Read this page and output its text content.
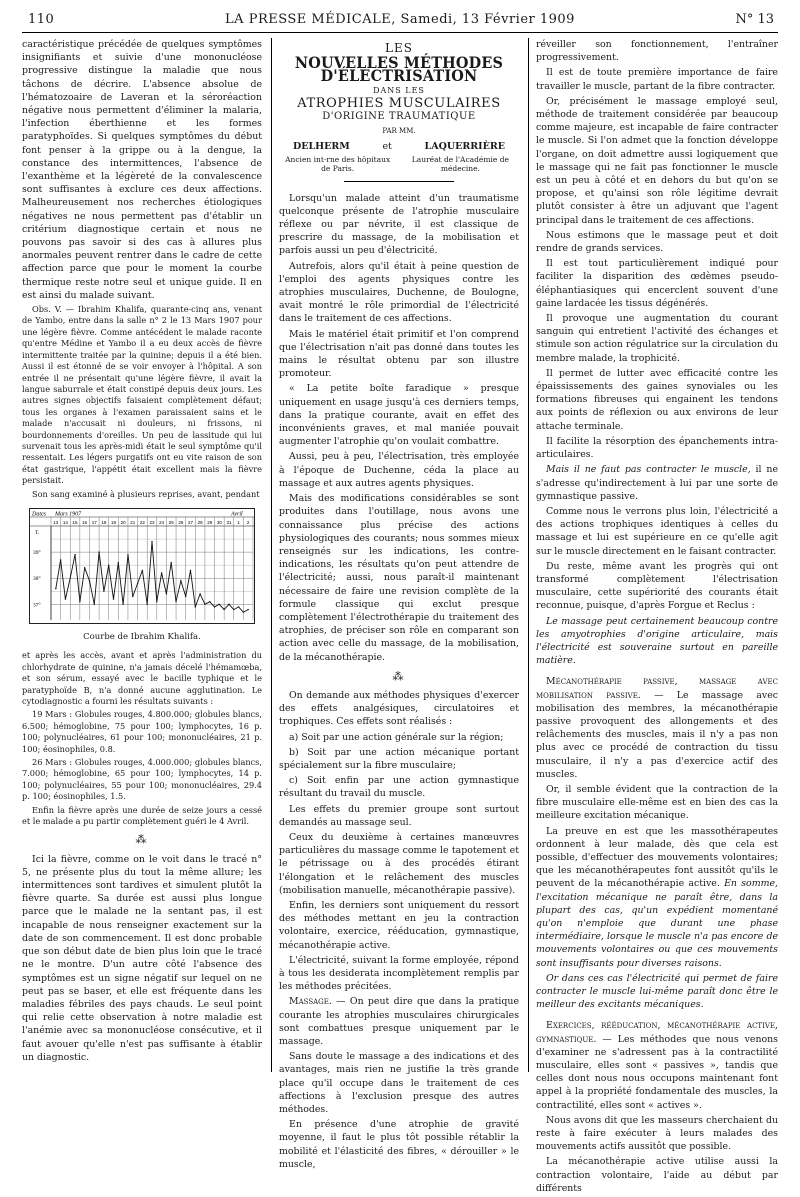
110	LA PRESSE MÉDICALE, Samedi, 13 Février 1909	N° 13

caractéristique précédée de quelques symptômes insignifiants et suivie d'une mononucléose progressive distingue la maladie que nous tâchons de décrire. L'absence absolue de l'hématozoaire de Laveran et la séroréaction négative nous permettent d'éliminer la malaria, l'infection éberthienne et les formes paratyphoïdes. Si quelques symptômes du début font penser à la grippe ou à la dengue, la constance des intermittences, l'absence de l'exanthème et la légèreté de la convalescence sont suffisantes à exclure ces deux affections. Malheureusement nos recherches étiologiques négatives ne nous permettent pas d'établir un critérium diagnostique certain et nous ne pouvons pas savoir si des cas à allures plus anormales peuvent rentrer dans le cadre de cette affection parce que pour le moment la courbe thermique reste notre seul et unique guide. Il en est ainsi du malade suivant.

Obs. V. — Ibrahim Khalifa, quarante-cinq ans, venant de Yambo, entre dans la salle n° 2 le 13 Mars 1907 pour une légère fièvre. Comme antécédent le malade raconte qu'entre Médine et Yambo il a eu deux accès de fièvre intermittente traitée par la quinine; depuis il a été bien. Aussi il est étonné de se voir envoyer à l'hôpital. A son entrée il ne présentait qu'une légère fièvre, il avait la langue saburrale et était constipé depuis deux jours. Les autres signes objectifs faisaient complètement défaut; tous les organes à l'examen paraissaient sains et le malade n'accusait ni douleurs, ni frissons, ni bourdonnements d'oreilles. Un peu de lassitude qui lui survenait tous les après-midi était le seul symptôme qu'il ressentait. Les légers purgatifs ont eu vite raison de son état gastrique, l'appétit était excellent mais la fièvre persistait.

Son sang examiné à plusieurs reprises, avant, pendant

Dates Mars 1907	Avril
13 14 15 16 17 18 19 20 21 22 23 24 25 26 27 28 29 30 31 1 2
T.
39°
38°
37°
Courbe de Ibrahim Khalifa.

et après les accès, avant et après l'administration du chlorhydrate de quinine, n'a jamais décelé l'hémamœba, et son sérum, essayé avec le bacille typhique et le paratyphoïde B, n'a donné aucune agglutination. Le cytodiagnostic a fourni les résultats suivants :

19 Mars : Globules rouges, 4.800.000; globules blancs, 6.500; hémoglobine, 75 pour 100; lymphocytes, 16 p. 100; polynucléaires, 61 pour 100; mononucléaires, 21 p. 100; éosinophiles, 0.8.

26 Mars : Globules rouges, 4.000.000; globules blancs, 7.000; hémoglobine, 65 pour 100; lymphocytes, 14 p. 100; polynucléaires, 55 pour 100; mononucléaires, 29.4 p. 100; éosinophiles, 1.5.

Enfin la fièvre après une durée de seize jours a cessé et le malade a pu partir complètement guéri le 4 Avril.

⁂

Ici la fièvre, comme on le voit dans le tracé n° 5, ne présente plus du tout la même allure; les intermittences sont tardives et simulent plutôt la fièvre quarte. Sa durée est aussi plus longue parce que le malade ne la sentant pas, il est incapable de nous renseigner exactement sur la date de son commencement. Il est donc probable que son début date de bien plus loin que le tracé ne le montre. D'un autre côté l'absence des symptômes est un signe négatif sur lequel on ne peut pas se baser, et elle est fréquente dans les maladies fébriles des pays chauds. Le seul point qui relie cette observation à notre maladie est l'anémie avec sa mononucléose consécutive, et il faut avouer qu'elle n'est pas suffisante à établir un diagnostic.

LES
NOUVELLES MÉTHODES D'ÉLECTRISATION
DANS LES
ATROPHIES MUSCULAIRES
D'ORIGINE TRAUMATIQUE
PAR MM.
DELHERM	et	LAQUERRIÈRE
Ancien int-rne des hôpitaux de Paris.
Lauréat de l'Académie de médecine.

Lorsqu'un malade atteint d'un traumatisme quelconque présente de l'atrophie musculaire réflexe ou par névrite, il est classique de prescrire du massage, de la mobilisation et parfois aussi un peu d'électricité.

Autrefois, alors qu'il était à peine question de l'emploi des agents physiques contre les atrophies musculaires, Duchenne, de Boulogne, avait montré le rôle primordial de l'électricité dans le traitement de ces affections.

Mais le matériel était primitif et l'on comprend que l'électrisation n'ait pas donné dans toutes les mains le résultat obtenu par son illustre promoteur.

« La petite boîte faradique » presque uniquement en usage jusqu'à ces derniers temps, dans la pratique courante, avait en effet des inconvénients graves, et mal maniée pouvait augmenter l'atrophie qu'on voulait combattre.

Aussi, peu à peu, l'électrisation, très employée à l'époque de Duchenne, céda la place au massage et aux autres agents physiques.

Mais des modifications considérables se sont produites dans l'outillage, nous avons une connaissance plus précise des actions physiologiques des courants; nous sommes mieux renseignés sur les indications, les contre-indications, les résultats qu'on peut attendre de l'électricité; aussi, nous paraît-il maintenant nécessaire de faire une revision complète de la formule classique qui exclut presque complètement l'électrothérapie du traitement des atrophies, de préciser son rôle en comparant son action avec celle du massage, de la mobilisation, de la mécanothérapie.

⁂

On demande aux méthodes physiques d'exercer des effets analgésiques, circulatoires et trophiques. Ces effets sont réalisés :

a) Soit par une action générale sur la région;

b) Soit par une action mécanique portant spécialement sur la fibre musculaire;

c) Soit enfin par une action gymnastique résultant du travail du muscle.

Les effets du premier groupe sont surtout demandés au massage seul.

Ceux du deuxième à certaines manœuvres particulières du massage comme le tapotement et le pétrissage ou à des procédés étirant l'élongation et le relâchement des muscles (mobilisation manuelle, mécanothérapie passive).

Enfin, les derniers sont uniquement du ressort des méthodes mettant en jeu la contraction volontaire, exercice, rééducation, gymnastique, mécanothérapie active.

L'électricité, suivant la forme employée, répond à tous les desiderata incomplètement remplis par les méthodes précitées.

Massage. — On peut dire que dans la pratique courante les atrophies musculaires chirurgicales sont combattues presque uniquement par le massage.

Sans doute le massage a des indications et des avantages, mais rien ne justifie la très grande place qu'il occupe dans le traitement de ces affections à l'exclusion presque des autres méthodes.

En présence d'une atrophie de gravité moyenne, il faut le plus tôt possible rétablir la mobilité et l'élasticité des fibres, « dérouiller » le muscle,

réveiller son fonctionnement, l'entraîner progressivement.

Il est de toute première importance de faire travailler le muscle, partant de la fibre contracter.

Or, précisément le massage employé seul, méthode de traitement considérée par beaucoup comme majeure, est incapable de faire contracter le muscle. Si l'on admet que la fonction développe l'organe, on doit admettre aussi logiquement que le massage qui ne fait pas fonctionner le muscle est un peu à côté et en dehors du but qu'on se propose, et qu'ainsi son rôle légitime devrait plutôt consister à être un adjuvant que l'agent principal dans le traitement de ces affections.

Nous estimons que le massage peut et doit rendre de grands services.

Il est tout particulièrement indiqué pour faciliter la disparition des œdèmes pseudo-éléphantiasiques qui encerclent souvent d'une gaine lardacée les tissus dégénérés.

Il provoque une augmentation du courant sanguin qui entretient l'activité des échanges et stimule son action régulatrice sur la circulation du membre malade, la trophicité.

Il permet de lutter avec efficacité contre les épaississements des gaines synoviales ou les formations fibreuses qui engainent les tendons aux points de réflexion ou aux environs de leur attache terminale.

Il facilite la résorption des épanchements intra-articulaires.

Mais il ne faut pas contracter le muscle, il ne s'adresse qu'indirectement à lui par une sorte de gymnastique passive.

Comme nous le verrons plus loin, l'électricité a des actions trophiques identiques à celles du massage et lui est supérieure en ce qu'elle agit sur le muscle directement en le faisant contracter.

Du reste, même avant les progrès qui ont transformé complètement l'électrisation musculaire, cette supériorité des courants était reconnue, puisque, d'après Forgue et Reclus :

Le massage peut certainement beaucoup contre les amyotrophies d'origine articulaire, mais l'électricité est souveraine surtout en pareille matière.

Mécanothérapie passive, massage avec mobilisation passive. — Le massage avec mobilisation des membres, la mécanothérapie passive provoquent des allongements et des relâchements des muscles, mais il n'y a pas non plus avec ce procédé de contraction du tissu musculaire, il n'y a pas d'exercice actif des muscles.

Or, il semble évident que la contraction de la fibre musculaire elle-même est en bien des cas la meilleure excitation mécanique.

La preuve en est que les massothérapeutes ordonnent à leur malade, dès que cela est possible, d'effectuer des mouvements volontaires; que les mécanothérapeutes font aussitôt qu'ils le peuvent de la mécanothérapie active. En somme, l'excitation mécanique ne paraît être, dans la plupart des cas, qu'un expédient momentané qu'on n'emploie que durant une phase intermédiaire, lorsque le muscle n'a pas encore de mouvements volontaires ou que ces mouvements sont insuffisants pour diverses raisons.

Or dans ces cas l'électricité qui permet de faire contracter le muscle lui-même paraît donc être le meilleur des excitants mécaniques.

Exercices, rééducation, mécanothérapie active, gymnastique. — Les méthodes que nous venons d'examiner ne s'adressent pas à la contractilité musculaire, elles sont « passives », tandis que celles dont nous nous occupons maintenant font appel à la propriété fondamentale des muscles, la contractilité, elles sont « actives ».

Nous avons dit que les masseurs cherchaient du reste à faire exécuter à leurs malades des mouvements actifs aussitôt que possible.

La mécanothérapie active utilise aussi la contraction volontaire, l'aide au début par différents
